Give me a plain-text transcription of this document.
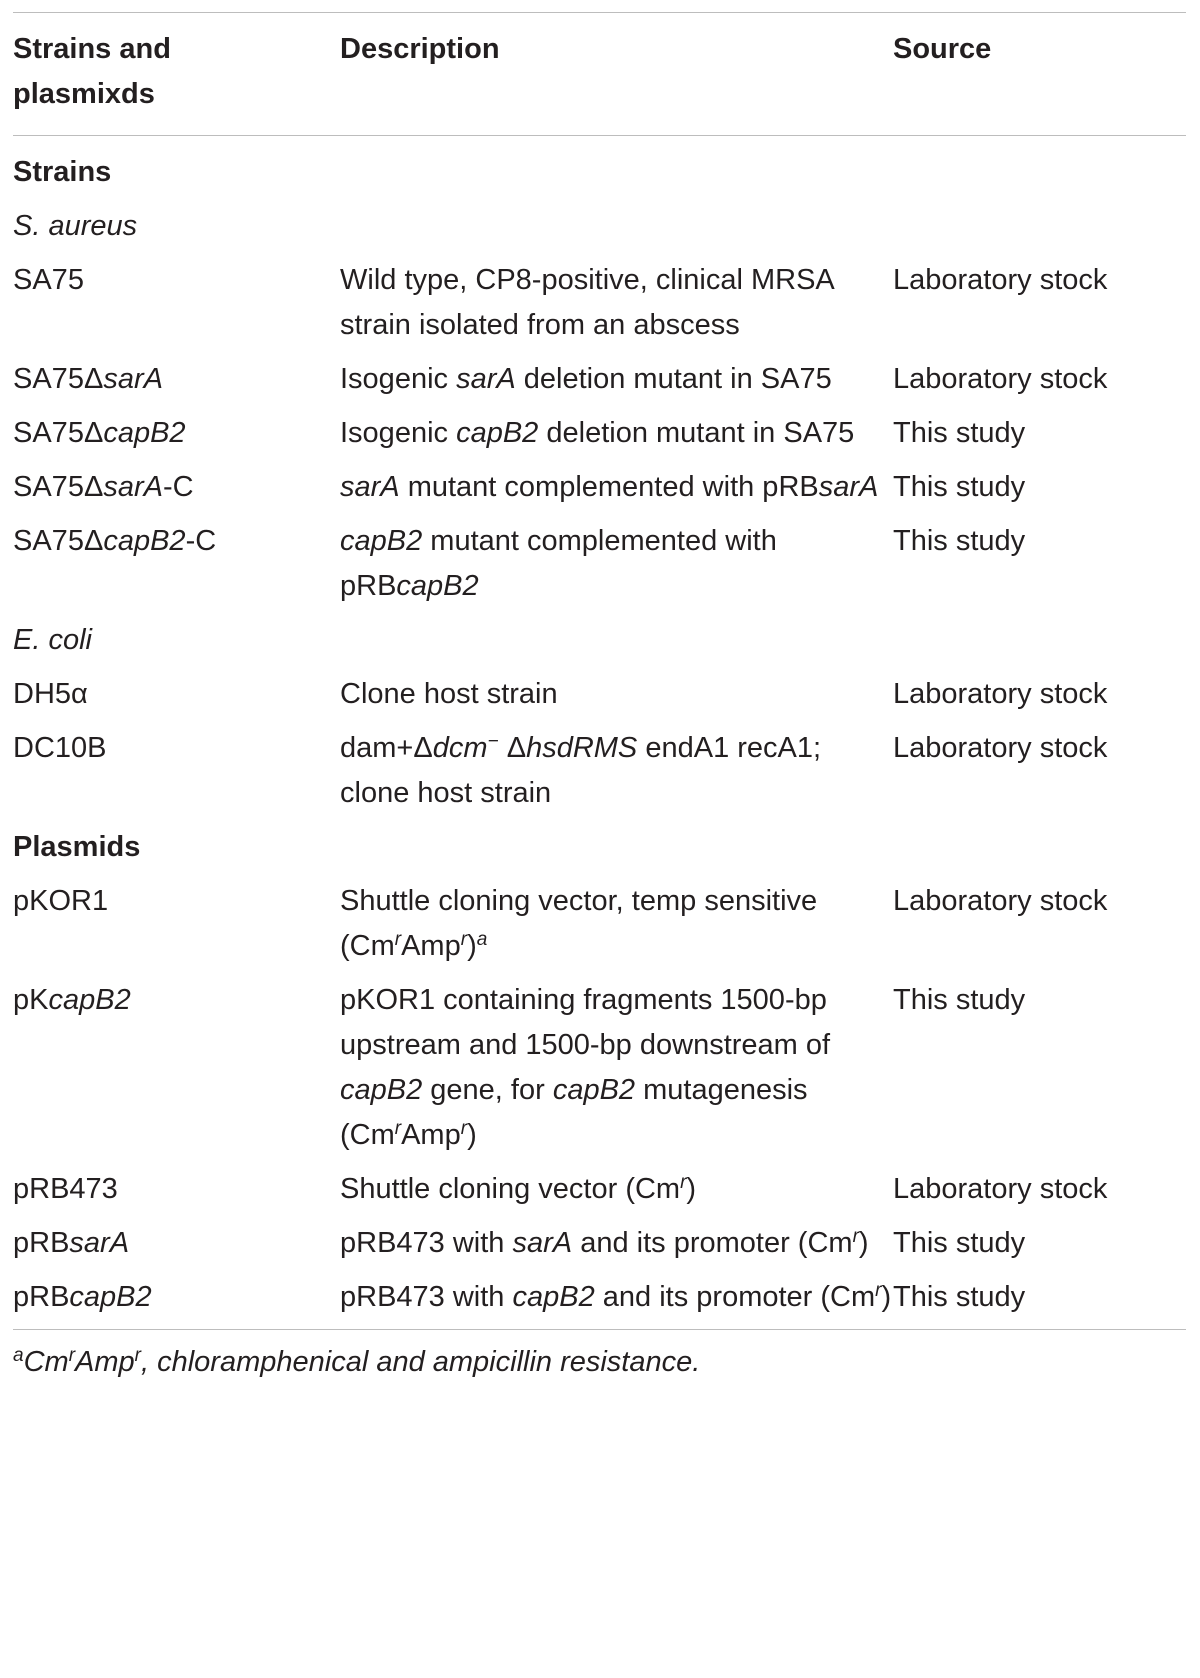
Strains and
plasmixds	Description	Source
Strains		
S. aureus		
SA75	Wild type, CP8-positive, clinical MRSA strain isolated from an abscess	Laboratory stock
SA75ΔsarA	Isogenic sarA deletion mutant in SA75	Laboratory stock
SA75ΔcapB2	Isogenic capB2 deletion mutant in SA75	This study
SA75ΔsarA-C	sarA mutant complemented with pRBsarA	This study
SA75ΔcapB2-C	capB2 mutant complemented with pRBcapB2	This study
E. coli		
DH5α	Clone host strain	Laboratory stock
DC10B	dam+Δdcm− ΔhsdRMS endA1 recA1; clone host strain	Laboratory stock
Plasmids		
pKOR1	Shuttle cloning vector, temp sensitive $(Cm^rAmp^r)^a$	Laboratory stock
pKcapB2	pKOR1 containing fragments 1500-bp upstream and 1500-bp downstream of capB2 gene, for capB2 mutagenesis (Cm$^r$Amp$^r$)	This study
pRB473	Shuttle cloning vector (Cm$^r$)	Laboratory stock
pRBsarA	pRB473 with sarA and its promoter (Cm$^r$)	This study
pRBcapB2	pRB473 with capB2 and its promoter (Cm$^r$)	This study
$^a$Cm$^r$Amp$^r$, chloramphenical and ampicillin resistance.
